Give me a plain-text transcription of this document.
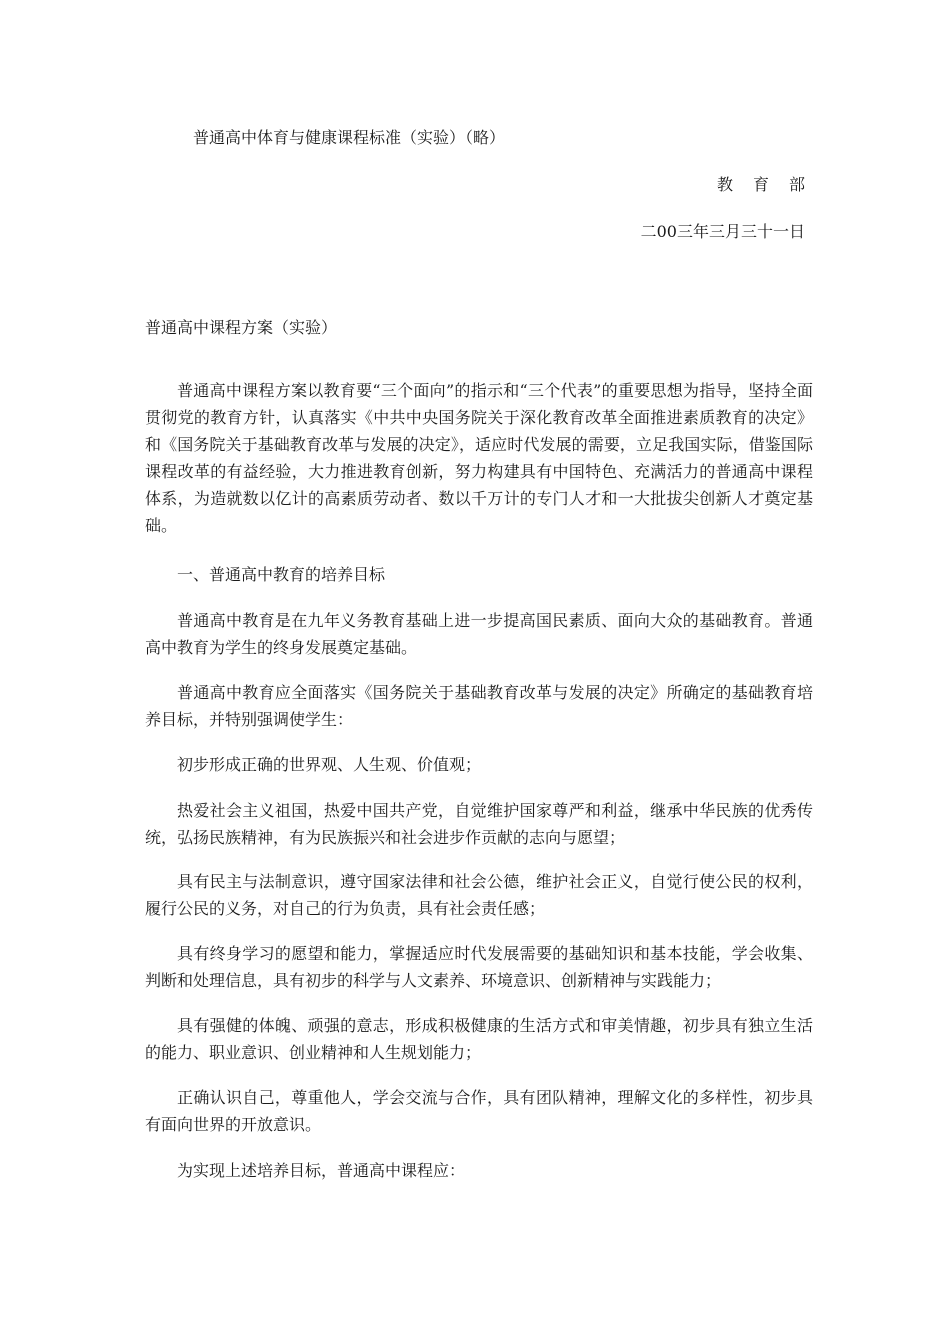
普通高中体育与健康课程标准（实验）（略）
教育部
二00三年三月三十一日
普通高中课程方案（实验）

普通高中课程方案以教育要“三个面向”的指示和“三个代表”的重要思想为指导，坚持全面贯彻党的教育方针，认真落实《中共中央国务院关于深化教育改革全面推进素质教育的决定》和《国务院关于基础教育改革与发展的决定》，适应时代发展的需要，立足我国实际，借鉴国际课程改革的有益经验，大力推进教育创新，努力构建具有中国特色、充满活力的普通高中课程体系，为造就数以亿计的高素质劳动者、数以千万计的专门人才和一大批拔尖创新人才奠定基础。

一、普通高中教育的培养目标

普通高中教育是在九年义务教育基础上进一步提高国民素质、面向大众的基础教育。普通高中教育为学生的终身发展奠定基础。

普通高中教育应全面落实《国务院关于基础教育改革与发展的决定》所确定的基础教育培养目标，并特别强调使学生：

初步形成正确的世界观、人生观、价值观；

热爱社会主义祖国，热爱中国共产党，自觉维护国家尊严和利益，继承中华民族的优秀传统，弘扬民族精神，有为民族振兴和社会进步作贡献的志向与愿望；

具有民主与法制意识，遵守国家法律和社会公德，维护社会正义，自觉行使公民的权利，履行公民的义务，对自己的行为负责，具有社会责任感；

具有终身学习的愿望和能力，掌握适应时代发展需要的基础知识和基本技能，学会收集、判断和处理信息，具有初步的科学与人文素养、环境意识、创新精神与实践能力；

具有强健的体魄、顽强的意志，形成积极健康的生活方式和审美情趣，初步具有独立生活的能力、职业意识、创业精神和人生规划能力；

正确认识自己，尊重他人，学会交流与合作，具有团队精神，理解文化的多样性，初步具有面向世界的开放意识。

为实现上述培养目标，普通高中课程应：
